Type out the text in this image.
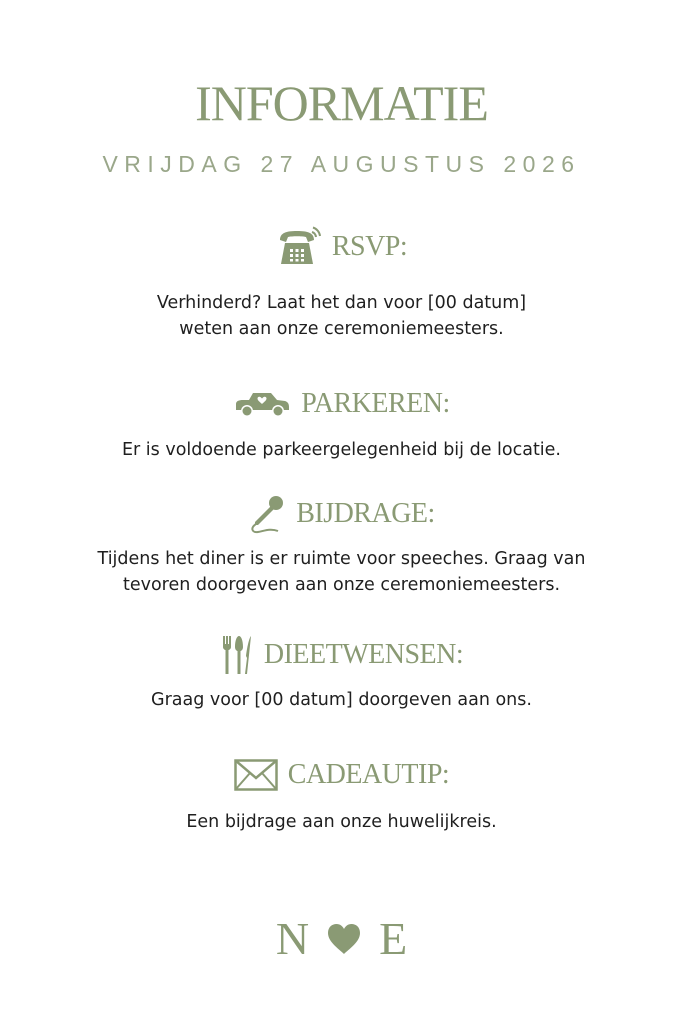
INFORMATIE
VRIJDAG 27 AUGUSTUS 2026
RSVP:
Verhinderd? Laat het dan voor [00 datum]
weten aan onze ceremoniemeesters.
PARKEREN:
Er is voldoende parkeergelegenheid bij de locatie.
BIJDRAGE:
Tijdens het diner is er ruimte voor speeches. Graag van
tevoren doorgeven aan onze ceremoniemeesters.
DIEETWENSEN:
Graag voor [00 datum] doorgeven aan ons.
CADEAUTIP:
Een bijdrage aan onze huwelijkreis.
N E
